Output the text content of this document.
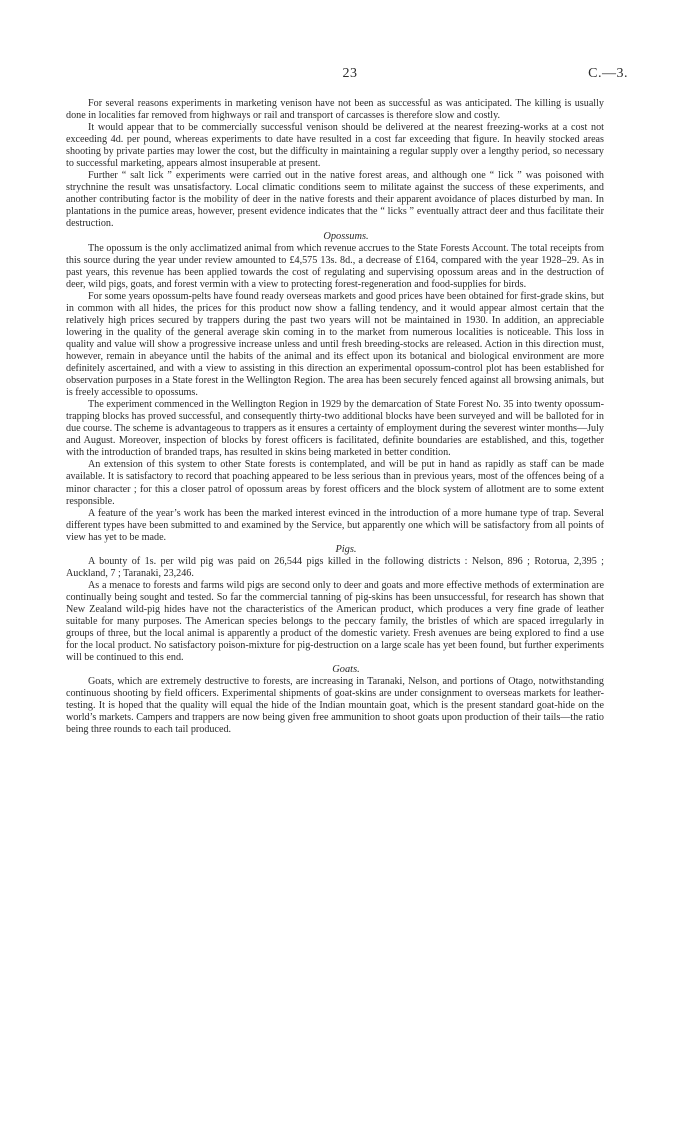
23	C.—3.

For several reasons experiments in marketing venison have not been as successful as was anticipated. The killing is usually done in localities far removed from highways or rail and transport of carcasses is therefore slow and costly.

It would appear that to be commercially successful venison should be delivered at the nearest freezing-works at a cost not exceeding 4d. per pound, whereas experiments to date have resulted in a cost far exceeding that figure. In heavily stocked areas shooting by private parties may lower the cost, but the difficulty in maintaining a regular supply over a lengthy period, so necessary to successful marketing, appears almost insuperable at present.

Further “ salt lick ” experiments were carried out in the native forest areas, and although one “ lick ” was poisoned with strychnine the result was unsatisfactory. Local climatic conditions seem to militate against the success of these experiments, and another contributing factor is the mobility of deer in the native forests and their apparent avoidance of places disturbed by man. In plantations in the pumice areas, however, present evidence indicates that the “ licks ” eventually attract deer and thus facilitate their destruction.

Opossums.

The opossum is the only acclimatized animal from which revenue accrues to the State Forests Account. The total receipts from this source during the year under review amounted to £4,575 13s. 8d., a decrease of £164, compared with the year 1928–29. As in past years, this revenue has been applied towards the cost of regulating and supervising opossum areas and in the destruction of deer, wild pigs, goats, and forest vermin with a view to protecting forest-regeneration and food-supplies for birds.

For some years opossum-pelts have found ready overseas markets and good prices have been obtained for first-grade skins, but in common with all hides, the prices for this product now show a falling tendency, and it would appear almost certain that the relatively high prices secured by trappers during the past two years will not be maintained in 1930. In addition, an appreciable lowering in the quality of the general average skin coming in to the market from numerous localities is noticeable. This loss in quality and value will show a progressive increase unless and until fresh breeding-stocks are released. Action in this direction must, however, remain in abeyance until the habits of the animal and its effect upon its botanical and biological environment are more definitely ascertained, and with a view to assisting in this direction an experimental opossum-control plot has been established for observation purposes in a State forest in the Wellington Region. The area has been securely fenced against all browsing animals, but is freely accessible to opossums.

The experiment commenced in the Wellington Region in 1929 by the demarcation of State Forest No. 35 into twenty opossum-trapping blocks has proved successful, and consequently thirty-two additional blocks have been surveyed and will be balloted for in due course. The scheme is advantageous to trappers as it ensures a certainty of employment during the severest winter months—July and August. Moreover, inspection of blocks by forest officers is facilitated, definite boundaries are established, and this, together with the introduction of branded traps, has resulted in skins being marketed in better condition.

An extension of this system to other State forests is contemplated, and will be put in hand as rapidly as staff can be made available. It is satisfactory to record that poaching appeared to be less serious than in previous years, most of the offences being of a minor character ; for this a closer patrol of opossum areas by forest officers and the block system of allotment are to some extent responsible.

A feature of the year’s work has been the marked interest evinced in the introduction of a more humane type of trap. Several different types have been submitted to and examined by the Service, but apparently one which will be satisfactory from all points of view has yet to be made.

Pigs.

A bounty of 1s. per wild pig was paid on 26,544 pigs killed in the following districts : Nelson, 896 ; Rotorua, 2,395 ; Auckland, 7 ; Taranaki, 23,246.

As a menace to forests and farms wild pigs are second only to deer and goats and more effective methods of extermination are continually being sought and tested. So far the commercial tanning of pig-skins has been unsuccessful, for research has shown that New Zealand wild-pig hides have not the characteristics of the American product, which produces a very fine grade of leather suitable for many purposes. The American species belongs to the peccary family, the bristles of which are spaced irregularly in groups of three, but the local animal is apparently a product of the domestic variety. Fresh avenues are being explored to find a use for the local product. No satisfactory poison-mixture for pig-destruction on a large scale has yet been found, but further experiments will be continued to this end.

Goats.

Goats, which are extremely destructive to forests, are increasing in Taranaki, Nelson, and portions of Otago, notwithstanding continuous shooting by field officers. Experimental shipments of goat-skins are under consignment to overseas markets for leather-testing. It is hoped that the quality will equal the hide of the Indian mountain goat, which is the present standard goat-hide on the world’s markets. Campers and trappers are now being given free ammunition to shoot goats upon production of their tails—the ratio being three rounds to each tail produced.
